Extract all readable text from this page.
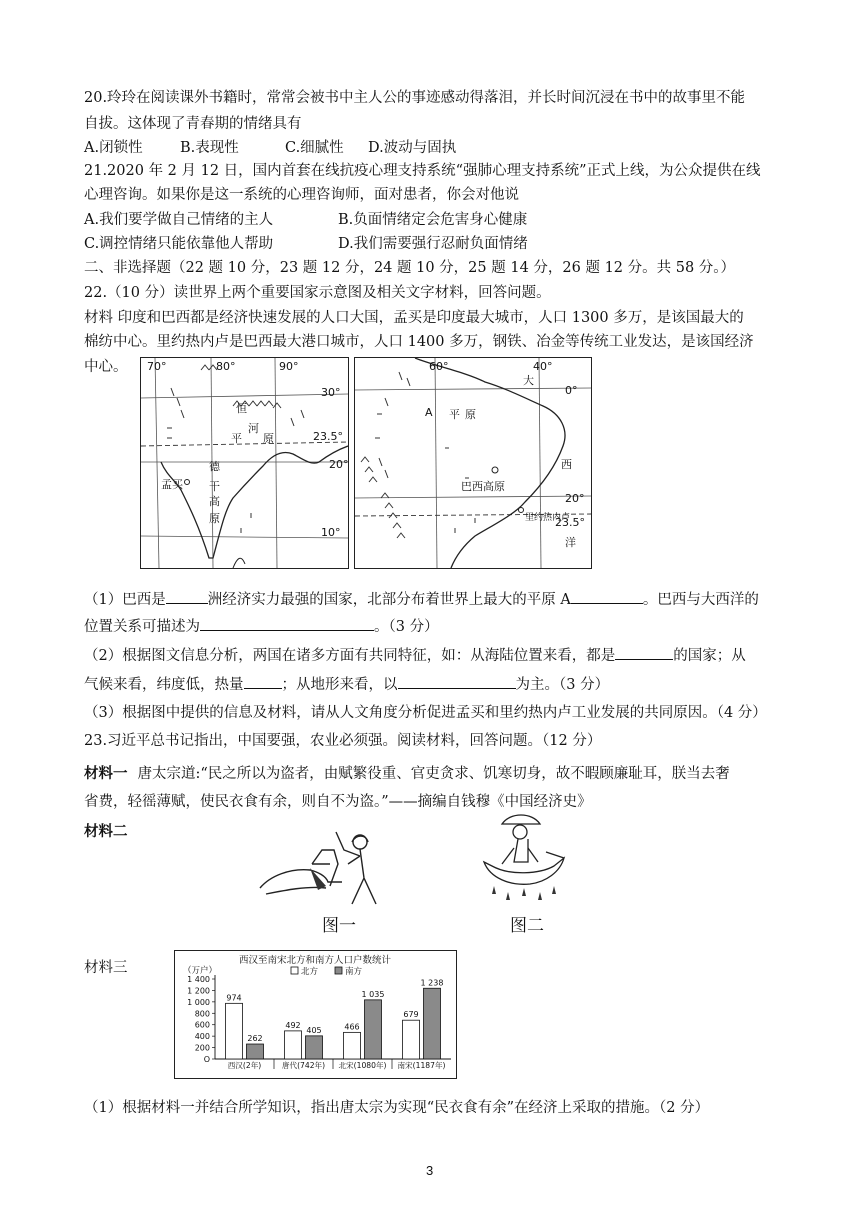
20.玲玲在阅读课外书籍时，常常会被书中主人公的事迹感动得落泪，并长时间沉浸在书中的故事里不能
自拔。这体现了青春期的情绪具有
A.闭锁性	B.表现性	C.细腻性 D.波动与固执
21.2020 年 2 月 12 日，国内首套在线抗疫心理支持系统“强肺心理支持系统”正式上线，为公众提供在线
心理咨询。如果你是这一系统的心理咨询师，面对患者，你会对他说
A.我们要学做自己情绪的主人	B.负面情绪定会危害身心健康
C.调控情绪只能依靠他人帮助	D.我们需要强行忍耐负面情绪
二、非选择题（22 题 10 分，23 题 12 分，24 题 10 分，25 题 14 分，26 题 12 分。共 58 分。）
22.（10 分）读世界上两个重要国家示意图及相关文字材料，回答问题。
材料 印度和巴西都是经济快速发展的人口大国，孟买是印度最大城市，人口 1300 多万，是该国最大的
棉纺中心。里约热内卢是巴西最大港口城市，人口 1400 多万，钢铁、冶金等传统工业发达，是该国经济
中心。 70°	80°	90°
30°
23.5°
20°
10°
恒
河
平 原
德
干
高
原
孟买
60°	40°
0°
20°
23.5°
A 平 原
巴西高原
大
西
洋
里约热内卢
（1）巴西是	洲经济实力最强的国家，北部分布着世界上最大的平原 A	。巴西与大西洋的
位置关系可描述为	。（3 分）
（2）根据图文信息分析，两国在诸多方面有共同特征，如：从海陆位置来看，都是	的国家；从
气候来看，纬度低，热量	；从地形来看，以	为主。（3 分）
（3）根据图中提供的信息及材料，请从人文角度分析促进孟买和里约热内卢工业发展的共同原因。（4 分）
23.习近平总书记指出，中国要强，农业必须强。阅读材料，回答问题。（12 分）
材料一 唐太宗道:“民之所以为盗者，由赋繁役重、官吏贪求、饥寒切身，故不暇顾廉耻耳，朕当去奢
省费，轻徭薄赋，使民衣食有余，则自不为盗。”——摘编自钱穆《中国经济史》
材料二
图一	图二
材料三	西汉至南宋北方和南方人口户数统计
（万户）	北方	南方
O
200
400
600
800
1 000
1 200
1 400
974
262
西汉(2年)
492
405
唐代(742年)
466
1 035
北宋(1080年)
679
1 238
南宋(1187年)
（1）根据材料一并结合所学知识，指出唐太宗为实现“民衣食有余”在经济上采取的措施。（2 分）
3
